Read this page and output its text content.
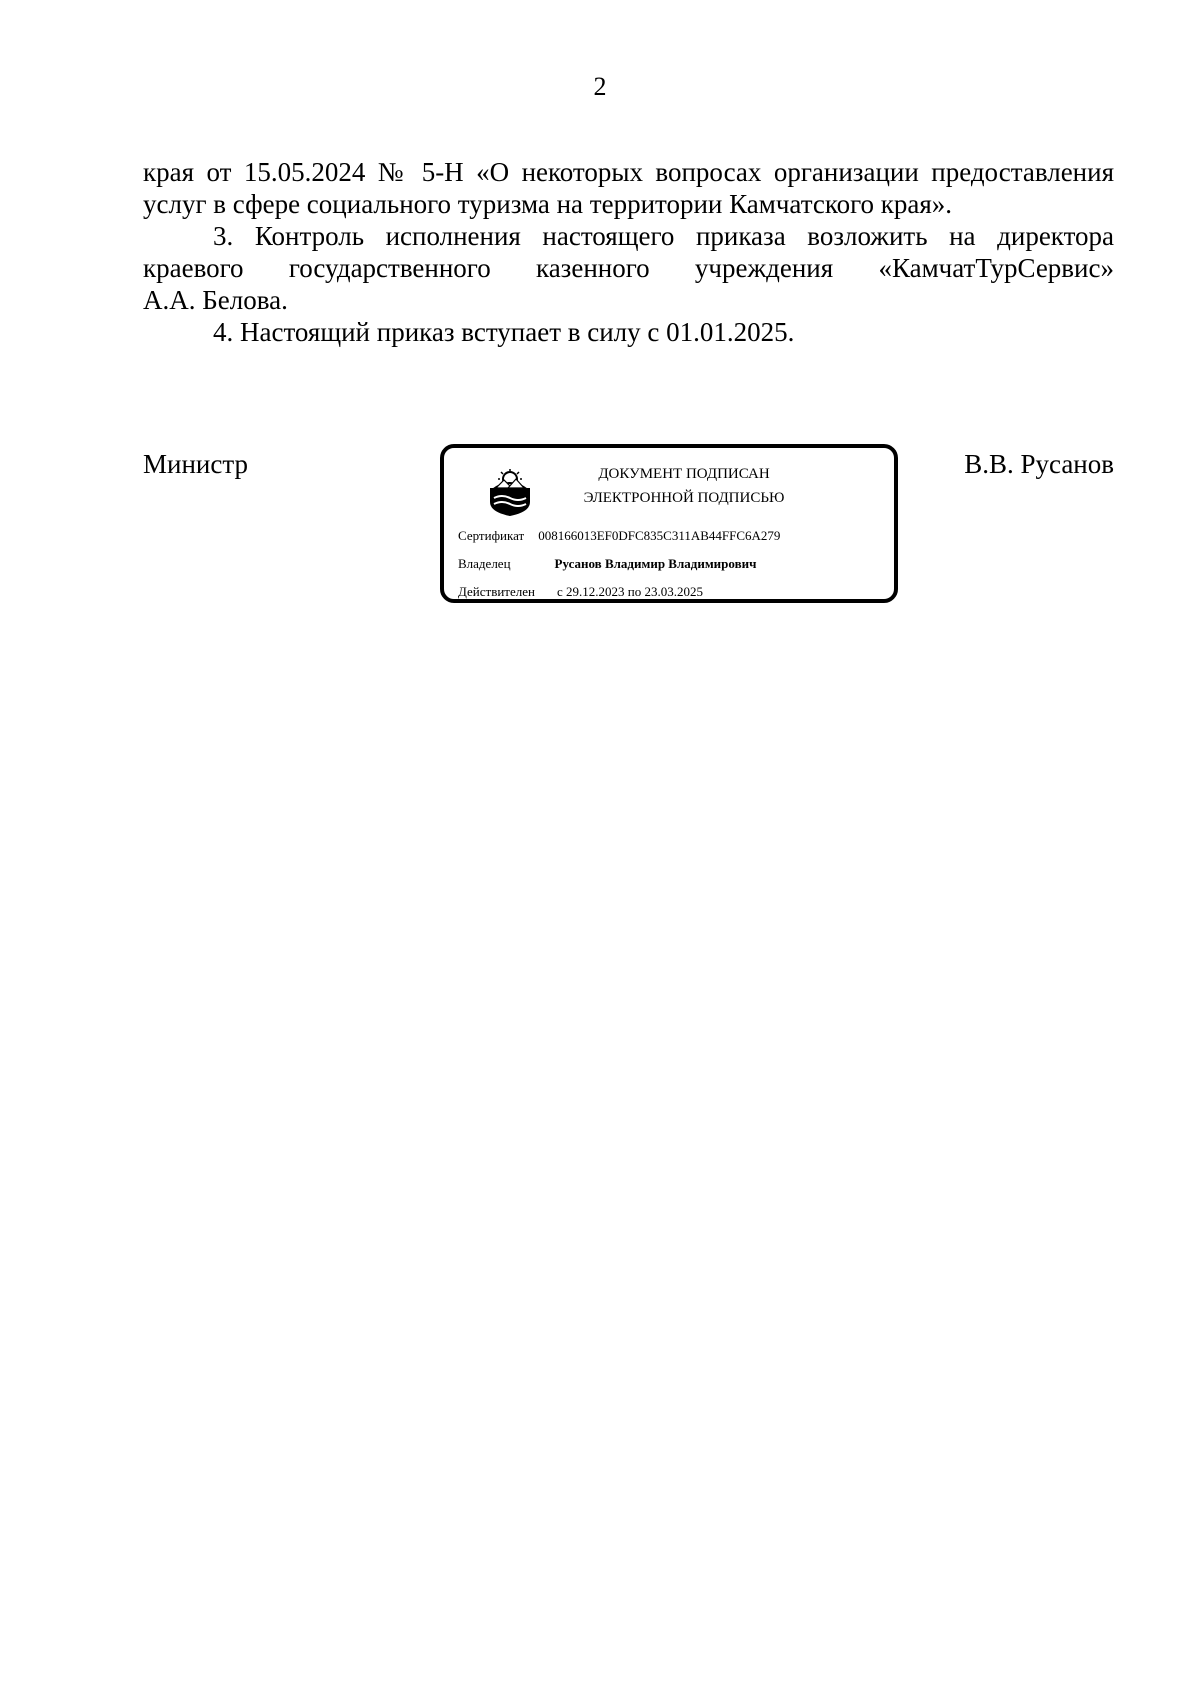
2

края от 15.05.2024 № 5-Н «О некоторых вопросах организации предоставления

услуг в сфере социального туризма на территории Камчатского края».

3. Контроль исполнения настоящего приказа возложить на директора

краевого государственного казенного учреждения «КамчатТурСервис»

А.А. Белова.

4. Настоящий приказ вступает в силу с 01.01.2025.

Министр	В.В. Русанов
ДОКУМЕНТ ПОДПИСАН
ЭЛЕКТРОННОЙ ПОДПИСЬЮ
Сертификат 008166013EF0DFC835C311AB44FFC6A279
Владелец	Русанов Владимир Владимирович
Действителен с 29.12.2023 по 23.03.2025
